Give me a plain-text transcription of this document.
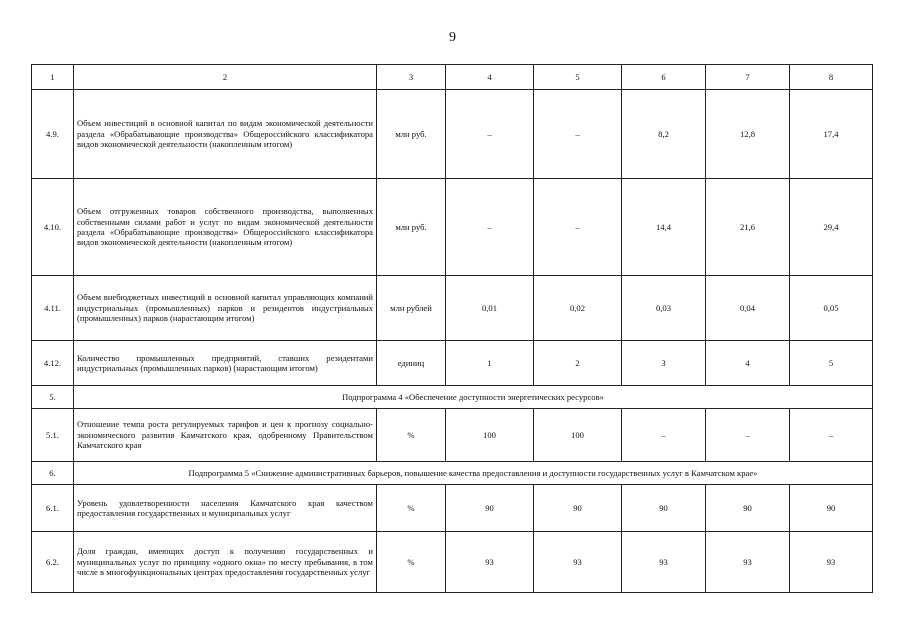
9
1	2	3	4	5	6	7	8
4.9.	Объем инвестиций в основной капитал по видам экономической деятельности раздела «Обрабатывающие производства» Общероссийского классификатора видов экономической деятельности (накопленным итогом)	млн руб.	–	–	8,2	12,8	17,4
4.10.	Объем отгруженных товаров собственного производства, выполненных собственными силами работ и услуг по видам экономической деятельности раздела «Обрабатывающие производства» Общероссийского классификатора видов экономической деятельности (накопленным итогом)	млн руб.	–	–	14,4	21,6	29,4
4.11.	Объем внебюджетных инвестиций в основной капитал управляющих компаний индустриальных (промышленных) парков и резидентов индустриальных (промышленных) парков (нарастающим итогом)	млн рублей	0,01	0,02	0,03	0,04	0,05
4.12.	Количество промышленных предприятий, ставших резидентами индустриальных (промышленных парков) (нарастающим итогом)	единиц	1	2	3	4	5
5.	Подпрограмма 4 «Обеспечение доступности энергетических ресурсов»						
5.1.	Отношение темпа роста регулируемых тарифов и цен к прогнозу социально-экономического развития Камчатского края, одобренному Правительством Камчатского края	%	100	100	–	–	–
6.	Подпрограмма 5 «Снижение административных барьеров, повышение качества предоставления и доступности государственных услуг в Камчатском крае»						
6.1.	Уровень удовлетворенности населения Камчатского края качеством предоставления государственных и муниципальных услуг	%	90	90	90	90	90
6.2.	Доля граждан, имеющих доступ к получению государственных и муниципальных услуг по принципу «одного окна» по месту пребывания, в том числе в многофункциональных центрах предоставления государственных услуг	%	93	93	93	93	93
